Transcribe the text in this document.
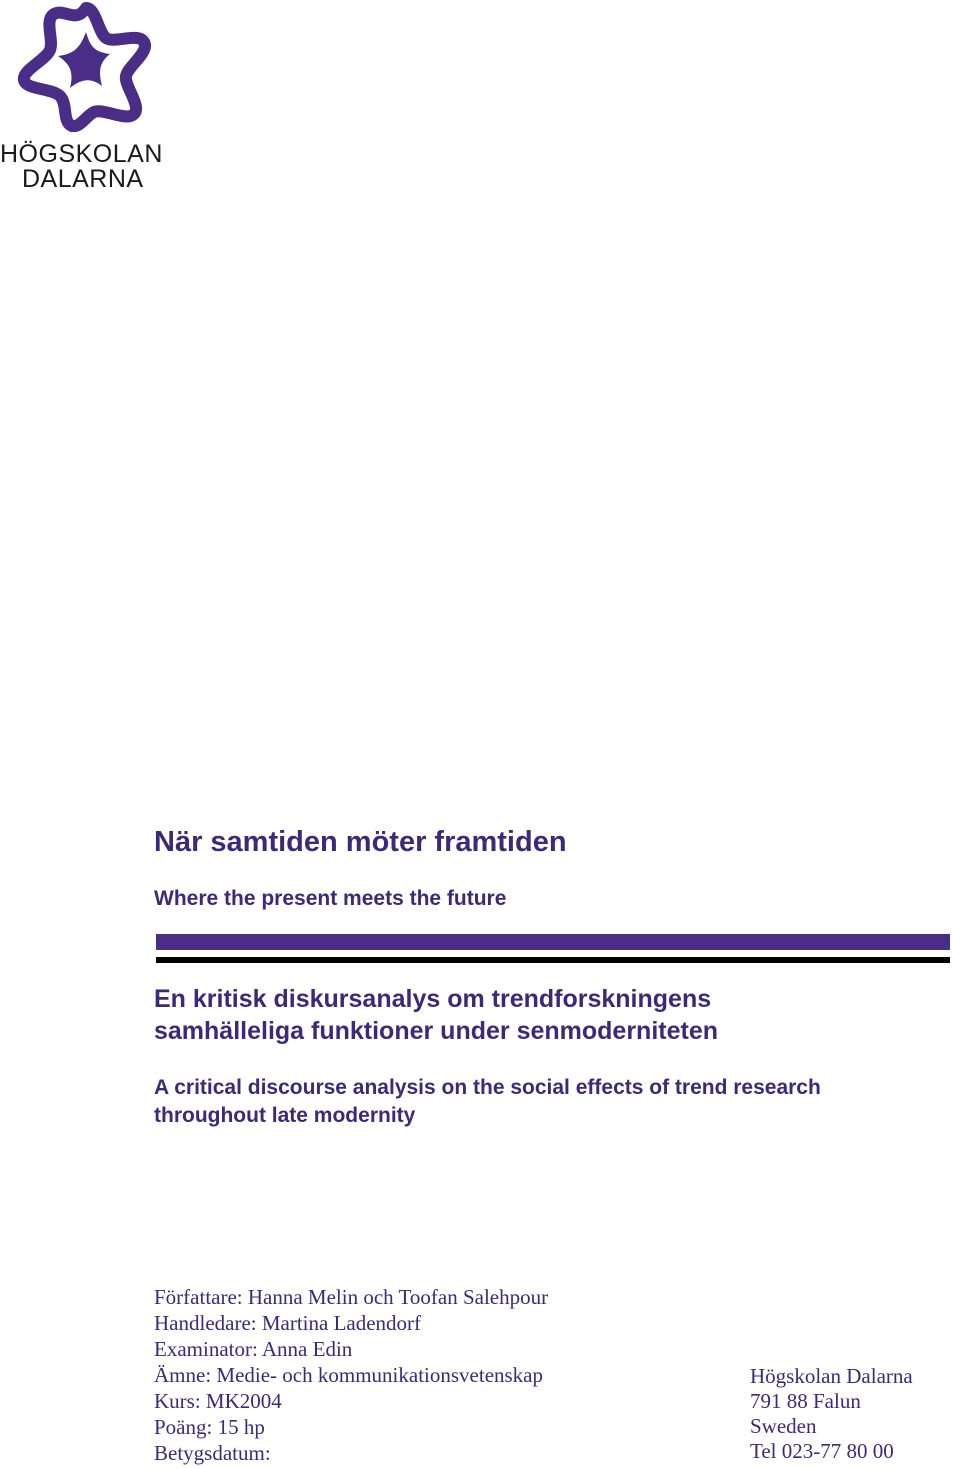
HÖGSKOLAN
DALARNA
När samtiden möter framtiden
Where the present meets the future
En kritisk diskursanalys om trendforskningens
samhälleliga funktioner under senmoderniteten
A critical discourse analysis on the social effects of trend research
throughout late modernity
Författare: Hanna Melin och Toofan Salehpour
Handledare: Martina Ladendorf
Examinator: Anna Edin
Ämne: Medie- och kommunikationsvetenskap
Kurs: MK2004
Poäng: 15 hp
Betygsdatum:
Högskolan Dalarna
791 88 Falun
Sweden
Tel 023-77 80 00
